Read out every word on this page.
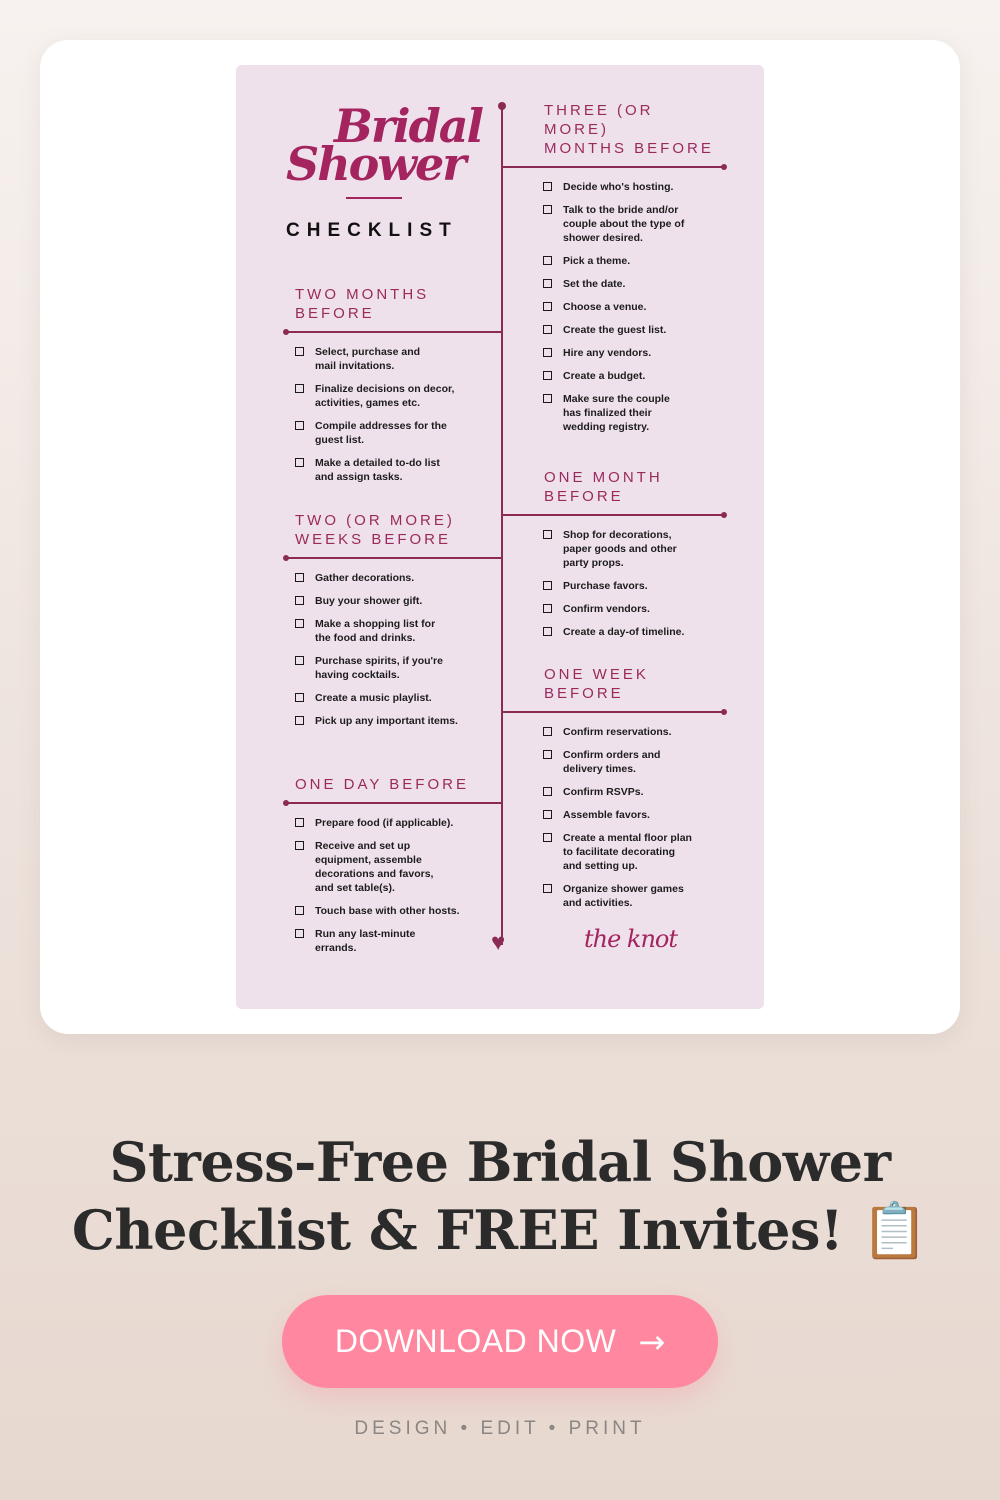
Bridal
Shower
CHECKLIST
♥
TWO MONTHS BEFORE
Select, purchase and
mail invitations.
Finalize decisions on decor,
activities, games etc.
Compile addresses for the
guest list.
Make a detailed to-do list
and assign tasks.
TWO (OR MORE)
WEEKS BEFORE
Gather decorations.
Buy your shower gift.
Make a shopping list for
the food and drinks.
Purchase spirits, if you're
having cocktails.
Create a music playlist.
Pick up any important items.
ONE DAY BEFORE
Prepare food (if applicable).
Receive and set up
equipment, assemble
decorations and favors,
and set table(s).
Touch base with other hosts.
Run any last-minute
errands.
THREE (OR MORE)
MONTHS BEFORE
Decide who's hosting.
Talk to the bride and/or
couple about the type of
shower desired.
Pick a theme.
Set the date.
Choose a venue.
Create the guest list.
Hire any vendors.
Create a budget.
Make sure the couple
has finalized their
wedding registry.
ONE MONTH BEFORE
Shop for decorations,
paper goods and other
party props.
Purchase favors.
Confirm vendors.
Create a day-of timeline.
ONE WEEK BEFORE
Confirm reservations.
Confirm orders and
delivery times.
Confirm RSVPs.
Assemble favors.
Create a mental floor plan
to facilitate decorating
and setting up.
Organize shower games
and activities.
the knot
Stress-Free Bridal Shower Checklist & FREE Invites! 📋
DOWNLOAD NOW →
DESIGN • EDIT • PRINT
